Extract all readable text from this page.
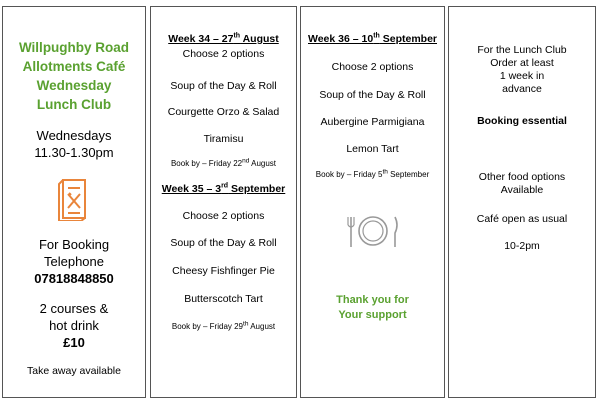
Willpughby Road
Allotments Café
Wednesday
Lunch Club
Wednesdays
11.30-1.30pm
For Booking
Telephone
07818848850
2 courses &
hot drink
£10
Take away available
Week 34 – 27th August
Choose 2 options
Soup of the Day & Roll
Courgette Orzo & Salad
Tiramisu
Book by – Friday 22nd August
Week 35 – 3rd September
Choose 2 options
Soup of the Day & Roll
Cheesy Fishfinger Pie
Butterscotch Tart
Book by – Friday 29th August
Week 36 – 10th September
Choose 2 options
Soup of the Day & Roll
Aubergine Parmigiana
Lemon Tart
Book by – Friday 5th September
Thank you for
Your support
For the Lunch Club
Order at least
1 week in
advance
Booking essential
Other food options
Available
Café open as usual
10-2pm
